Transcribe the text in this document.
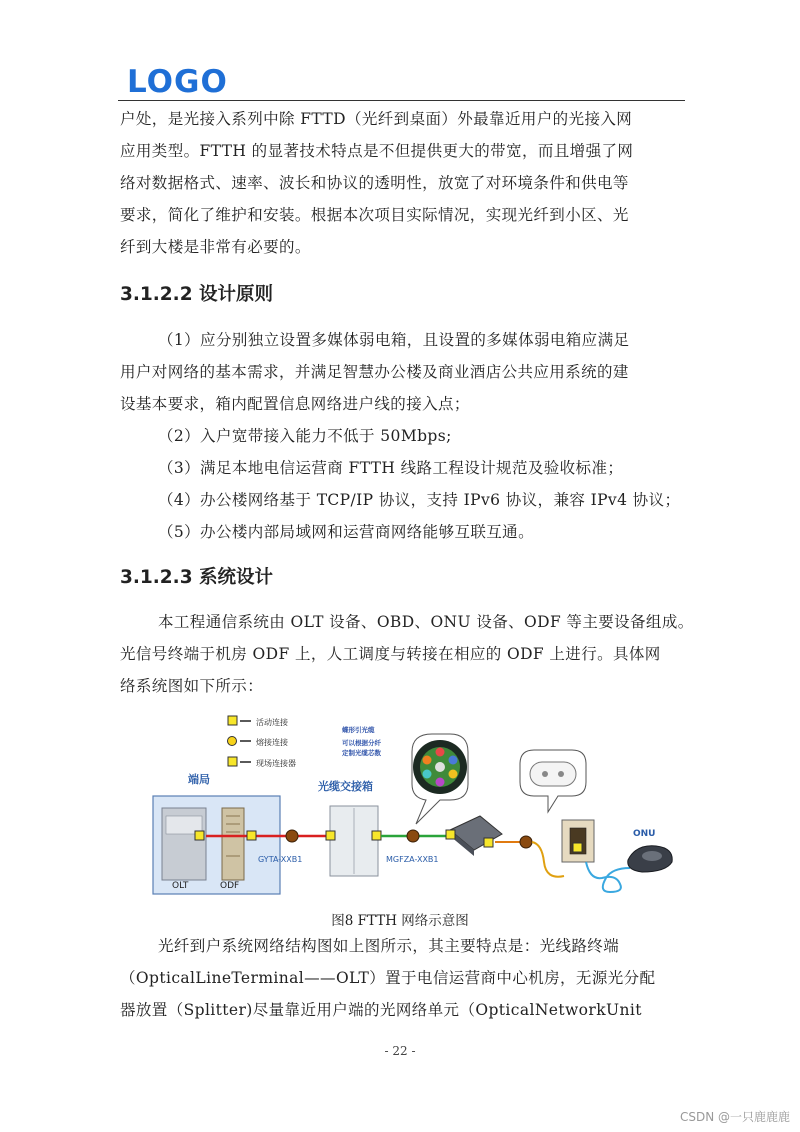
LOGO
户处，是光接入系列中除 FTTD（光纤到桌面）外最靠近用户的光接入网
应用类型。FTTH 的显著技术特点是不但提供更大的带宽，而且增强了网
络对数据格式、速率、波长和协议的透明性，放宽了对环境条件和供电等
要求，简化了维护和安装。根据本次项目实际情况，实现光纤到小区、光
纤到大楼是非常有必要的。
3.1.2.2 设计原则
（1）应分别独立设置多媒体弱电箱，且设置的多媒体弱电箱应满足
用户对网络的基本需求，并满足智慧办公楼及商业酒店公共应用系统的建
设基本要求，箱内配置信息网络进户线的接入点；
（2）入户宽带接入能力不低于 50Mbps;
（3）满足本地电信运营商 FTTH 线路工程设计规范及验收标准；
（4）办公楼网络基于 TCP/IP 协议，支持 IPv6 协议，兼容 IPv4 协议；
（5）办公楼内部局域网和运营商网络能够互联互通。
3.1.2.3 系统设计
本工程通信系统由 OLT 设备、OBD、ONU 设备、ODF 等主要设备组成。
光信号终端于机房 ODF 上，人工调度与转接在相应的 ODF 上进行。具体网
络系统图如下所示：
活动连接
熔接连接
现场连接器
蝶形引光缆
可以根据分纤
定制光缆芯数
端局
OLT	ODF
GYTA-XXB1
光缆交接箱
MGFZA-XXB1
ONU
图8 FTTH 网络示意图
光纤到户系统网络结构图如上图所示，其主要特点是：光线路终端
（OpticalLineTerminal——OLT）置于电信运营商中心机房，无源光分配
器放置（Splitter)尽量靠近用户端的光网络单元（OpticalNetworkUnit
- 22 -
CSDN @一只鹿鹿鹿
